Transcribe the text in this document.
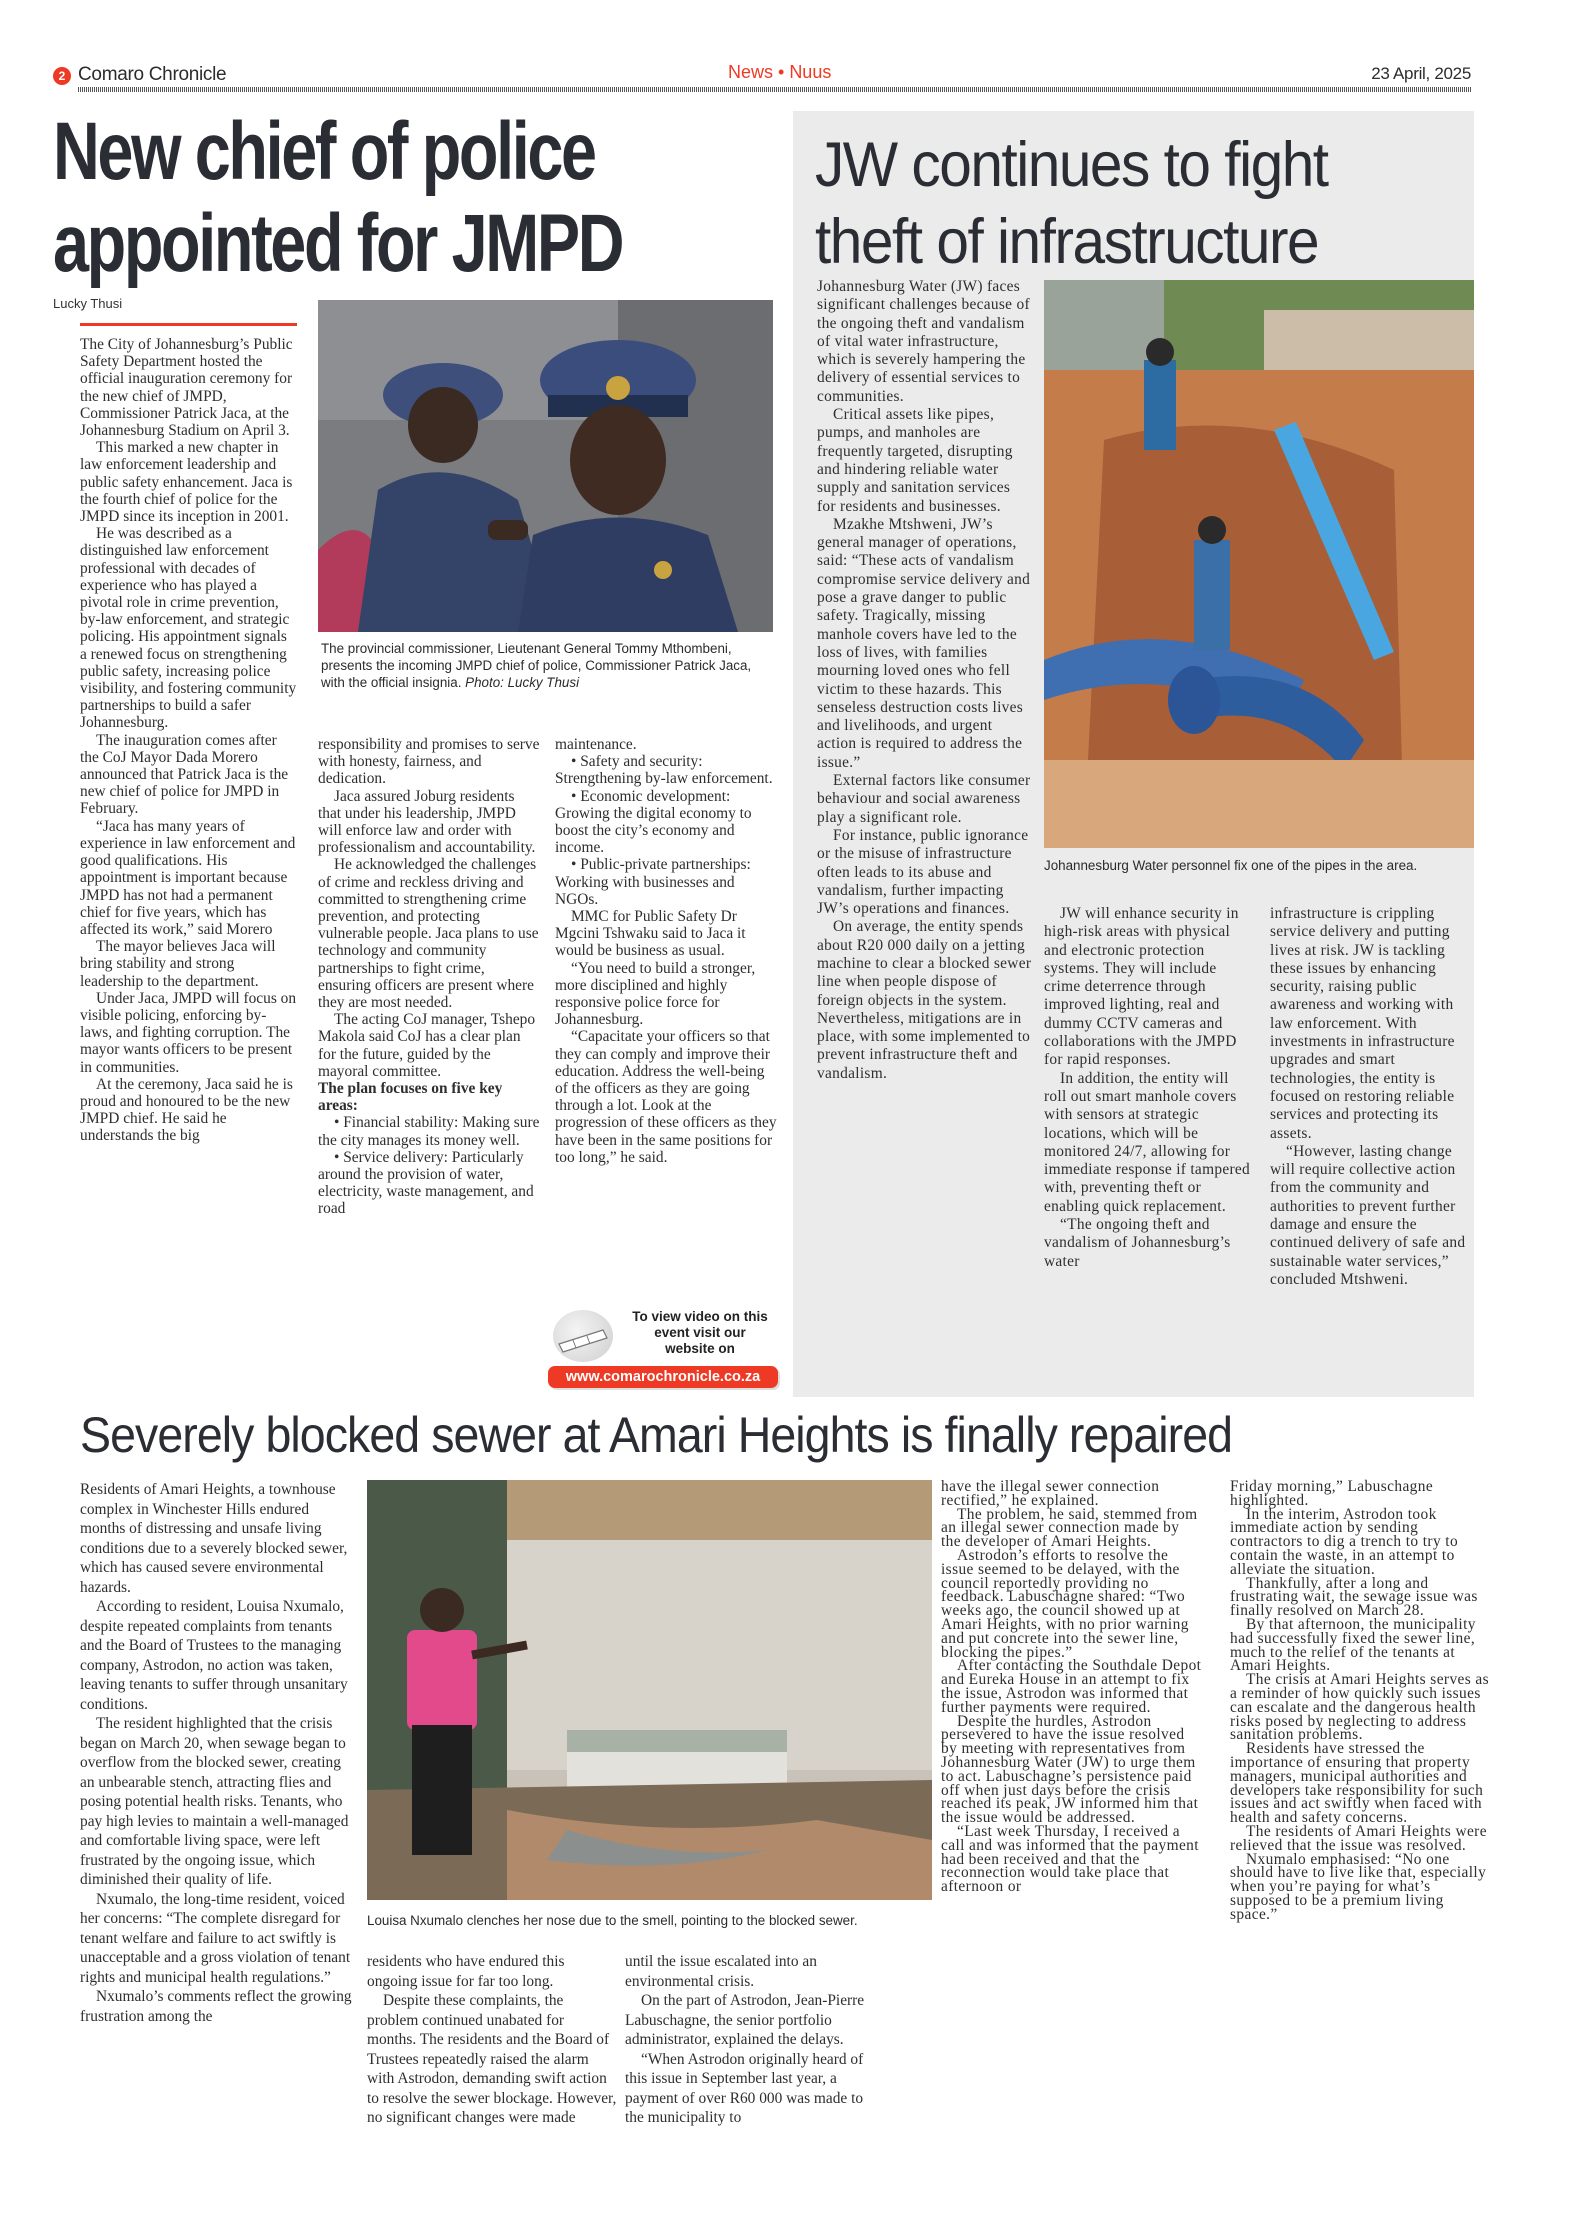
2 Comaro Chronicle	News • Nuus	23 April, 2025
New chief of police
appointed for JMPD
Lucky Thusi

The City of Johannesburg’s Public Safety Department hosted the official inauguration ceremony for the new chief of JMPD, Commissioner Patrick Jaca, at the Johannesburg Stadium on April 3.

This marked a new chapter in law enforcement leadership and public safety enhancement. Jaca is the fourth chief of police for the JMPD since its inception in 2001.

He was described as a distinguished law enforcement professional with decades of experience who has played a pivotal role in crime prevention, by-law enforcement, and strategic policing. His appointment signals a renewed focus on strengthening public safety, increasing police visibility, and fostering community partnerships to build a safer Johannesburg.

The inauguration comes after the CoJ Mayor Dada Morero announced that Patrick Jaca is the new chief of police for JMPD in February.

“Jaca has many years of experience in law enforcement and good qualifications. His appointment is important because JMPD has not had a permanent chief for five years, which has affected its work,” said Morero

The mayor believes Jaca will bring stability and strong leadership to the department.

Under Jaca, JMPD will focus on visible policing, enforcing by-laws, and fighting corruption. The mayor wants officers to be present in communities.

At the ceremony, Jaca said he is proud and honoured to be the new JMPD chief. He said he understands the big

The provincial commissioner, Lieutenant General Tommy Mthombeni, presents the incoming JMPD chief of police, Commissioner Patrick Jaca, with the official insignia. Photo: Lucky Thusi

responsibility and promises to serve with honesty, fairness, and dedication.

Jaca assured Joburg residents that under his leadership, JMPD will enforce law and order with professionalism and accountability.

He acknowledged the challenges of crime and reckless driving and committed to strengthening crime prevention, and protecting vulnerable people. Jaca plans to use technology and community partnerships to fight crime, ensuring officers are present where they are most needed.

The acting CoJ manager, Tshepo Makola said CoJ has a clear plan for the future, guided by the mayoral committee.

The plan focuses on five key areas:

• Financial stability: Making sure the city manages its money well.

• Service delivery: Particularly around the provision of water, electricity, waste management, and road

maintenance.

• Safety and security: Strengthening by-law enforcement.

• Economic development: Growing the digital economy to boost the city’s economy and income.

• Public-private partnerships: Working with businesses and NGOs.

MMC for Public Safety Dr Mgcini Tshwaku said to Jaca it would be business as usual.

“You need to build a stronger, more disciplined and highly responsive police force for Johannesburg.

“Capacitate your officers so that they can comply and improve their education. Address the well-being of the officers as they are going through a lot. Look at the progression of these officers as they have been in the same positions for too long,” he said.

To view video on this event visit our website on
www.comarochronicle.co.za
JW continues to fight theft of infrastructure

Johannesburg Water (JW) faces significant challenges because of the ongoing theft and vandalism of vital water infrastructure, which is severely hampering the delivery of essential services to communities.

Critical assets like pipes, pumps, and manholes are frequently targeted, disrupting and hindering reliable water supply and sanitation services for residents and businesses.

Mzakhe Mtshweni, JW’s general manager of operations, said: “These acts of vandalism compromise service delivery and pose a grave danger to public safety. Tragically, missing manhole covers have led to the loss of lives, with families mourning loved ones who fell victim to these hazards. This senseless destruction costs lives and livelihoods, and urgent action is required to address the issue.”

External factors like consumer behaviour and social awareness play a significant role.

For instance, public ignorance or the misuse of infrastructure often leads to its abuse and vandalism, further impacting JW’s operations and finances.

On average, the entity spends about R20 000 daily on a jetting machine to clear a blocked sewer line when people dispose of foreign objects in the system. Nevertheless, mitigations are in place, with some implemented to prevent infrastructure theft and vandalism.

Johannesburg Water personnel fix one of the pipes in the area.

JW will enhance security in high-risk areas with physical and electronic protection systems. They will include crime deterrence through improved lighting, real and dummy CCTV cameras and collaborations with the JMPD for rapid responses.

In addition, the entity will roll out smart manhole covers with sensors at strategic locations, which will be monitored 24/7, allowing for immediate response if tampered with, preventing theft or enabling quick replacement.

“The ongoing theft and vandalism of Johannesburg’s water

infrastructure is crippling service delivery and putting lives at risk. JW is tackling these issues by enhancing security, raising public awareness and working with law enforcement. With investments in infrastructure upgrades and smart technologies, the entity is focused on restoring reliable services and protecting its assets.

“However, lasting change will require collective action from the community and authorities to prevent further damage and ensure the continued delivery of safe and sustainable water services,” concluded Mtshweni.

Severely blocked sewer at Amari Heights is finally repaired

Residents of Amari Heights, a townhouse complex in Winchester Hills endured months of distressing and unsafe living conditions due to a severely blocked sewer, which has caused severe environmental hazards.

According to resident, Louisa Nxumalo, despite repeated complaints from tenants and the Board of Trustees to the managing company, Astrodon, no action was taken, leaving tenants to suffer through unsanitary conditions.

The resident highlighted that the crisis began on March 20, when sewage began to overflow from the blocked sewer, creating an unbearable stench, attracting flies and posing potential health risks. Tenants, who pay high levies to maintain a well-managed and comfortable living space, were left frustrated by the ongoing issue, which diminished their quality of life.

Nxumalo, the long-time resident, voiced her concerns: “The complete disregard for tenant welfare and failure to act swiftly is unacceptable and a gross violation of tenant rights and municipal health regulations.”

Nxumalo’s comments reflect the growing frustration among the

Louisa Nxumalo clenches her nose due to the smell, pointing to the blocked sewer.

residents who have endured this ongoing issue for far too long.

Despite these complaints, the problem continued unabated for months. The residents and the Board of Trustees repeatedly raised the alarm with Astrodon, demanding swift action to resolve the sewer blockage. However, no significant changes were made

until the issue escalated into an environmental crisis.

On the part of Astrodon, Jean-Pierre Labuschagne, the senior portfolio administrator, explained the delays.

“When Astrodon originally heard of this issue in September last year, a payment of over R60 000 was made to the municipality to

have the illegal sewer connection rectified,” he explained.

The problem, he said, stemmed from an illegal sewer connection made by the developer of Amari Heights.

Astrodon’s efforts to resolve the issue seemed to be delayed, with the council reportedly providing no feedback. Labuschagne shared: “Two weeks ago, the council showed up at Amari Heights, with no prior warning and put concrete into the sewer line, blocking the pipes.”

After contacting the Southdale Depot and Eureka House in an attempt to fix the issue, Astrodon was informed that further payments were required.

Despite the hurdles, Astrodon persevered to have the issue resolved by meeting with representatives from Johannesburg Water (JW) to urge them to act. Labuschagne’s persistence paid off when just days before the crisis reached its peak, JW informed him that the issue would be addressed.

“Last week Thursday, I received a call and was informed that the payment had been received and that the reconnection would take place that afternoon or

Friday morning,” Labuschagne highlighted.

In the interim, Astrodon took immediate action by sending contractors to dig a trench to try to contain the waste, in an attempt to alleviate the situation.

Thankfully, after a long and frustrating wait, the sewage issue was finally resolved on March 28.

By that afternoon, the municipality had successfully fixed the sewer line, much to the relief of the tenants at Amari Heights.

The crisis at Amari Heights serves as a reminder of how quickly such issues can escalate and the dangerous health risks posed by neglecting to address sanitation problems.

Residents have stressed the importance of ensuring that property managers, municipal authorities and developers take responsibility for such issues and act swiftly when faced with health and safety concerns.

The residents of Amari Heights were relieved that the issue was resolved.

Nxumalo emphasised: “No one should have to live like that, especially when you’re paying for what’s supposed to be a premium living space.”
